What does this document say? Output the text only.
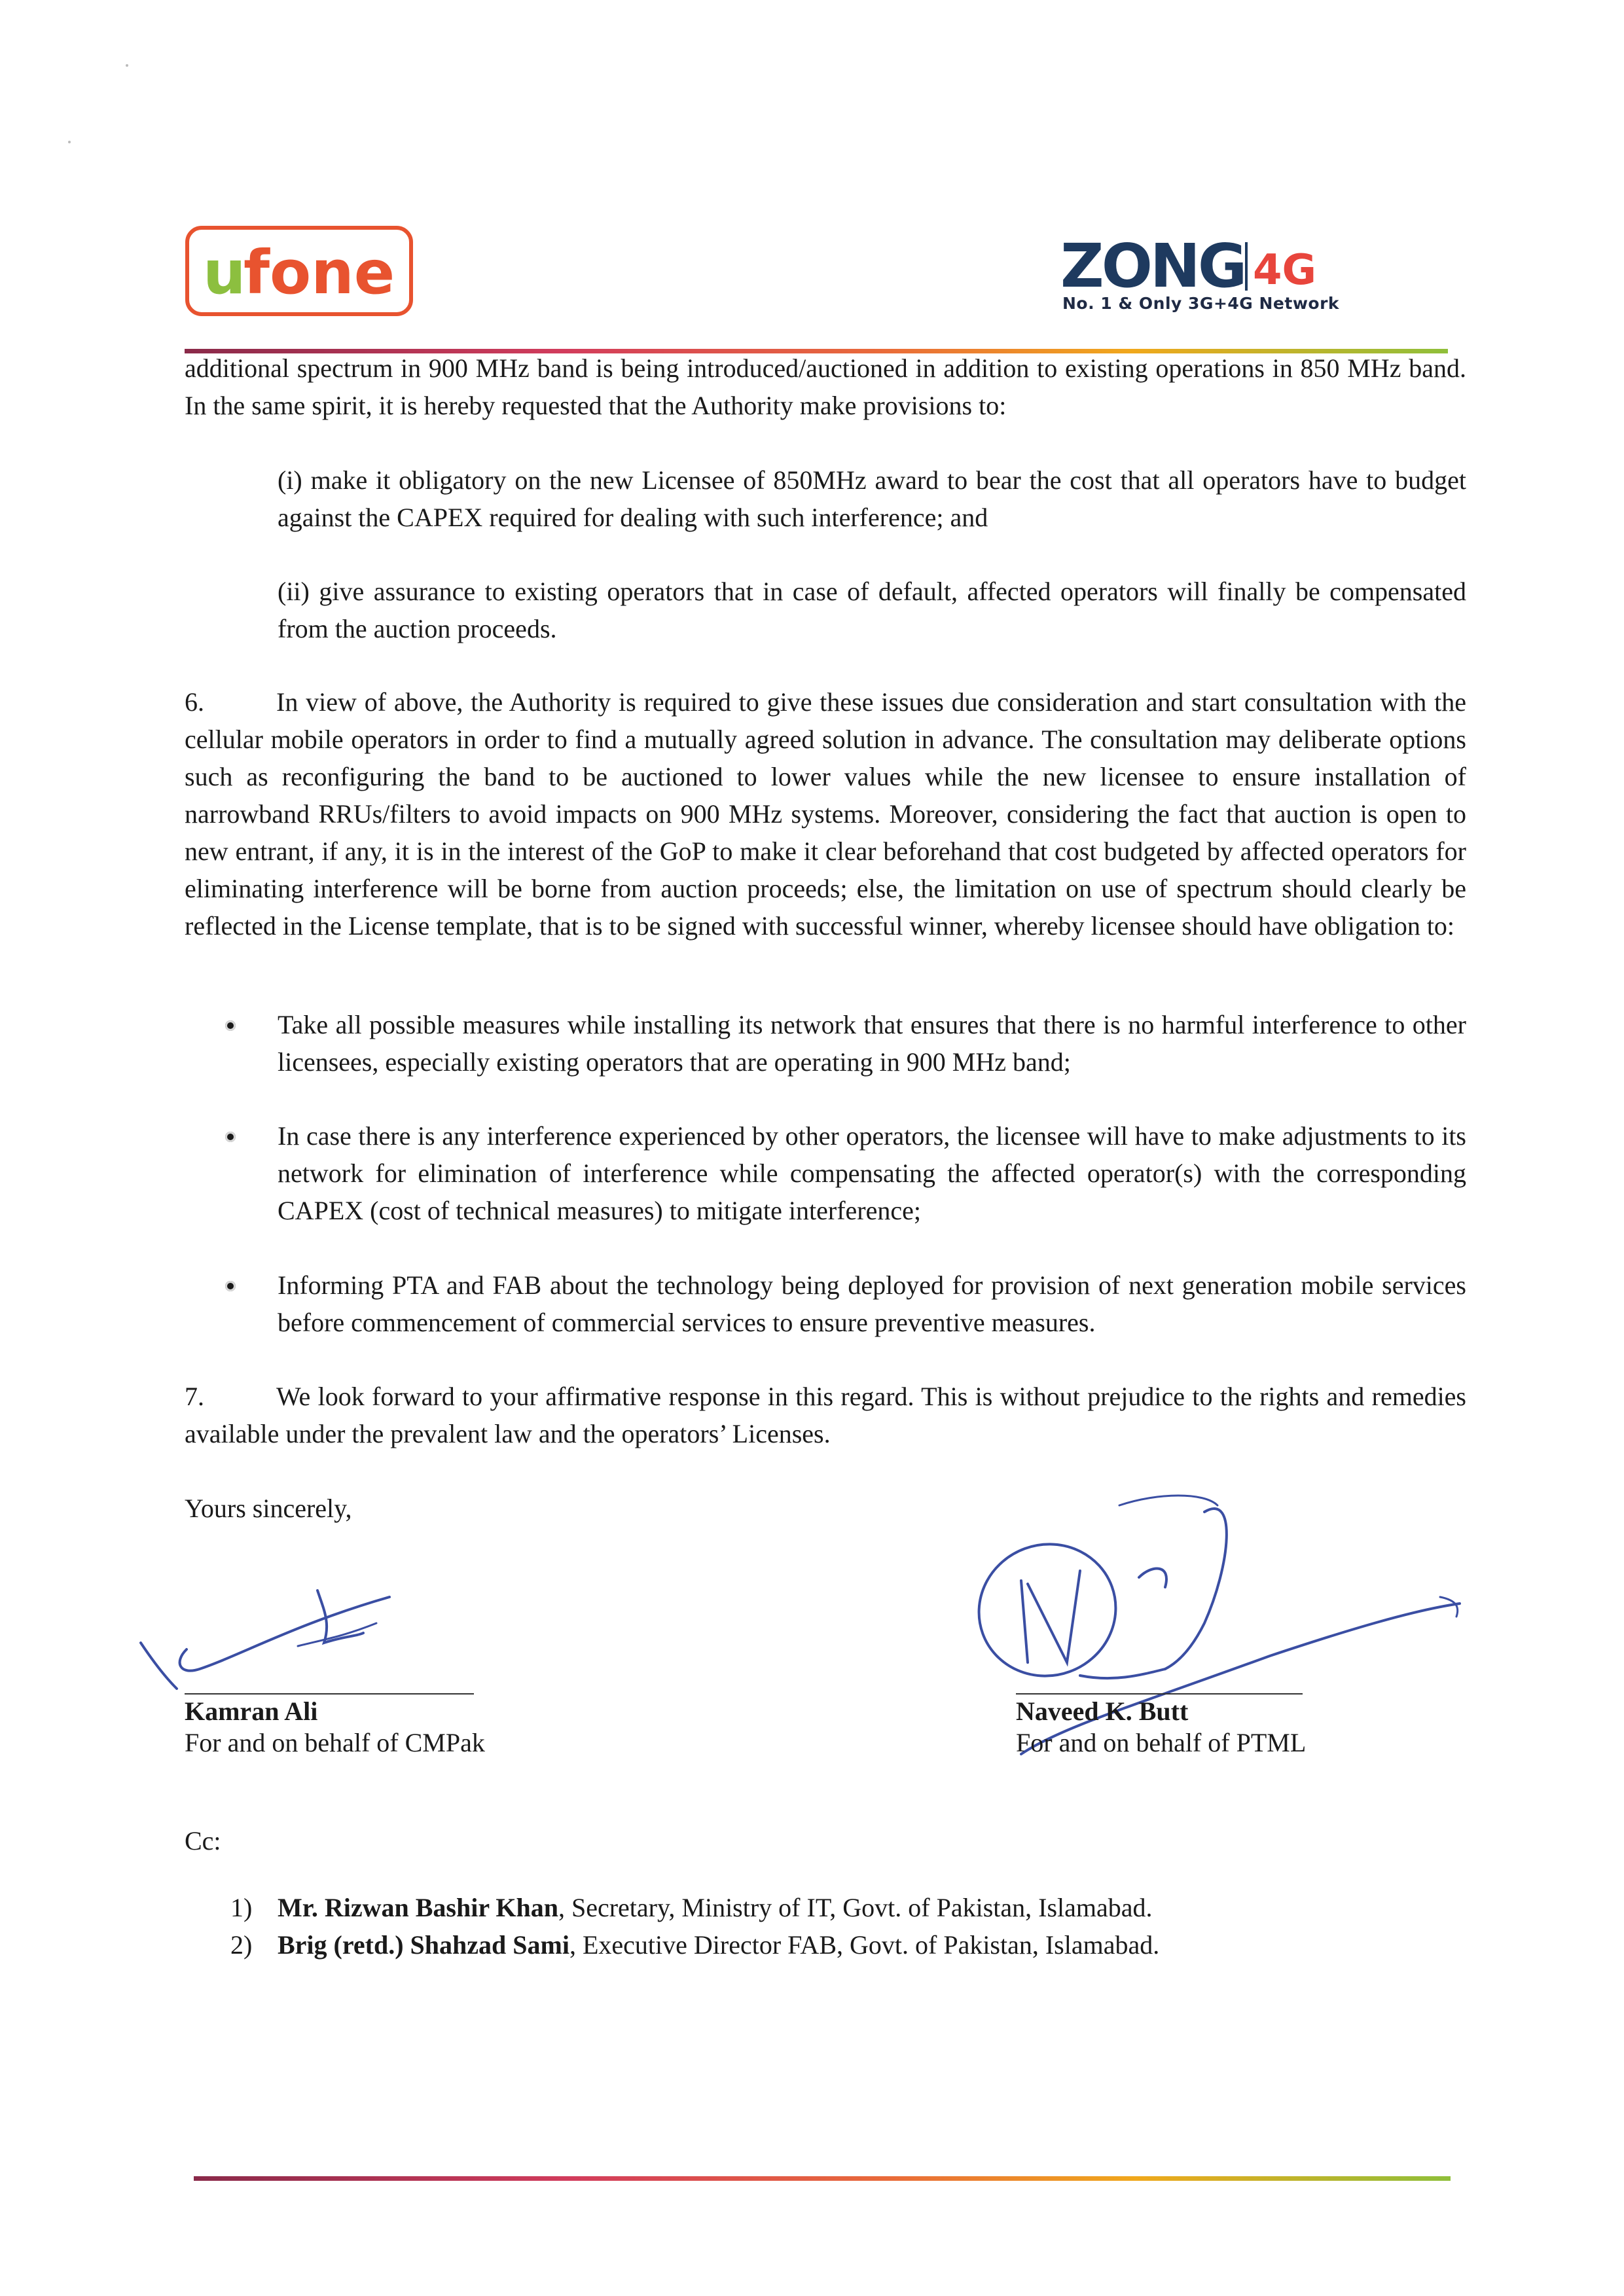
u
fone	ZONG 4G
No. 1 & Only 3G+4G Network
additional spectrum in 900 MHz band is being introduced/auctioned in addition to existing operations in 850 MHz band. In the same spirit, it is hereby requested that the Authority make provisions to:
(i) make it obligatory on the new Licensee of 850MHz award to bear the cost that all operators have to budget against the CAPEX required for dealing with such interference; and
(ii) give assurance to existing operators that in case of default, affected operators will finally be compensated from the auction proceeds.
6.	In view of above, the Authority is required to give these issues due consideration and start consultation with the cellular mobile operators in order to find a mutually agreed solution in advance. The consultation may deliberate options such as reconfiguring the band to be auctioned to lower values while the new licensee to ensure installation of narrowband RRUs/filters to avoid impacts on 900 MHz systems. Moreover, considering the fact that auction is open to new entrant, if any, it is in the interest of the GoP to make it clear beforehand that cost budgeted by affected operators for eliminating interference will be borne from auction proceeds; else, the limitation on use of spectrum should clearly be reflected in the License template, that is to be signed with successful winner, whereby licensee should have obligation to:
Take all possible measures while installing its network that ensures that there is no harmful interference to other licensees, especially existing operators that are operating in 900 MHz band;
In case there is any interference experienced by other operators, the licensee will have to make adjustments to its network for elimination of interference while compensating the affected operator(s) with the corresponding CAPEX (cost of technical measures) to mitigate interference;
Informing PTA and FAB about the technology being deployed for provision of next generation mobile services before commencement of commercial services to ensure preventive measures.
7.	We look forward to your affirmative response in this regard. This is without prejudice to the rights and remedies available under the prevalent law and the operators’ Licenses.
Yours sincerely,
Kamran Ali
For and on behalf of CMPak
Naveed K. Butt
For and on behalf of PTML
Cc:
1) Mr. Rizwan Bashir Khan, Secretary, Ministry of IT, Govt. of Pakistan, Islamabad.
2) Brig (retd.) Shahzad Sami, Executive Director FAB, Govt. of Pakistan, Islamabad.
